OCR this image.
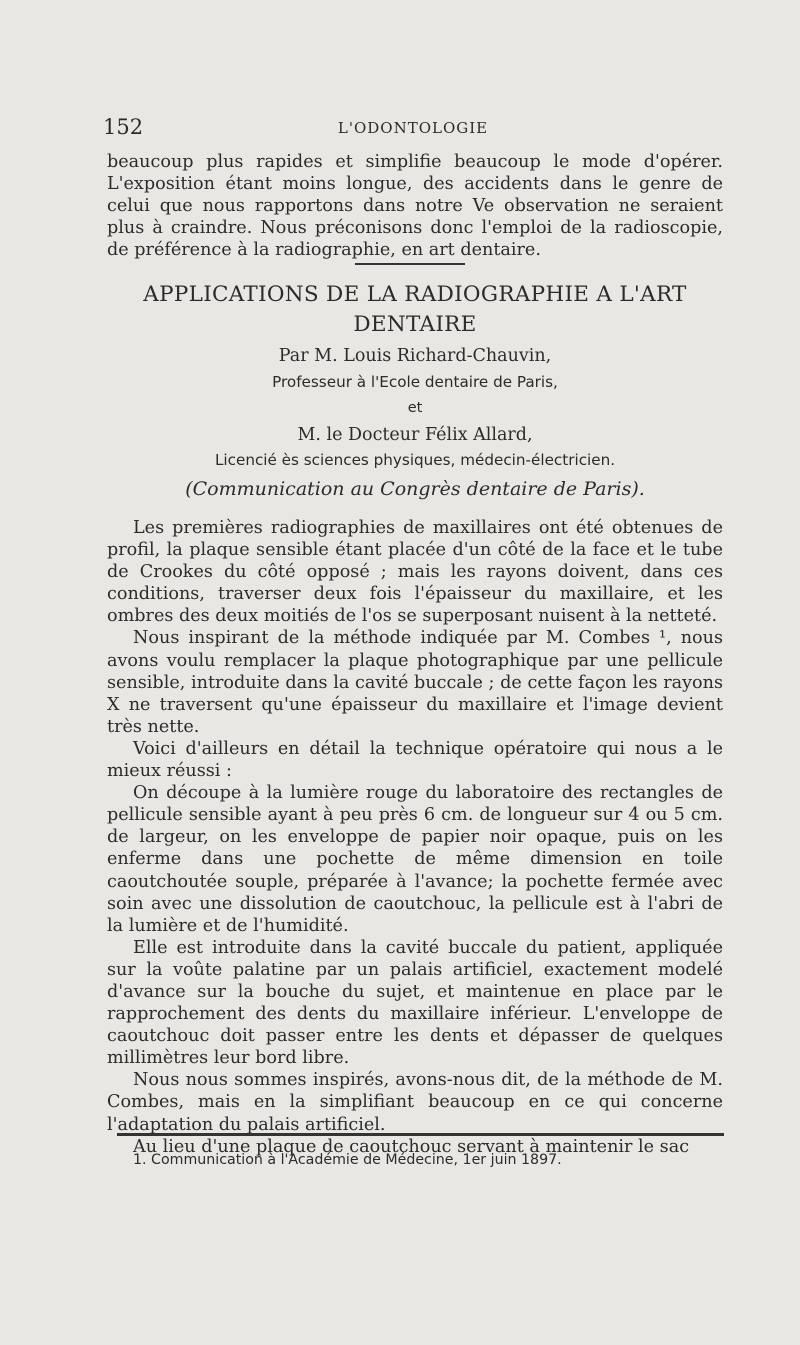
152	L'ODONTOLOGIE

beaucoup plus rapides et simplifie beaucoup le mode d'opérer. L'exposition étant moins longue, des accidents dans le genre de celui que nous rapportons dans notre Ve observation ne seraient plus à craindre. Nous préconisons donc l'emploi de la radioscopie, de préférence à la radiographie, en art dentaire.

APPLICATIONS DE LA RADIOGRAPHIE A L'ART DENTAIRE
Par M. Louis Richard-Chauvin,
Professeur à l'Ecole dentaire de Paris,
et
M. le Docteur Félix Allard,
Licencié ès sciences physiques, médecin-électricien.
(Communication au Congrès dentaire de Paris).

Les premières radiographies de maxillaires ont été obtenues de profil, la plaque sensible étant placée d'un côté de la face et le tube de Crookes du côté opposé ; mais les rayons doivent, dans ces conditions, traverser deux fois l'épaisseur du maxillaire, et les ombres des deux moitiés de l'os se superposant nuisent à la netteté.

Nous inspirant de la méthode indiquée par M. Combes ¹, nous avons voulu remplacer la plaque photographique par une pellicule sensible, introduite dans la cavité buccale ; de cette façon les rayons X ne traversent qu'une épaisseur du maxillaire et l'image devient très nette.

Voici d'ailleurs en détail la technique opératoire qui nous a le mieux réussi :

On découpe à la lumière rouge du laboratoire des rectangles de pellicule sensible ayant à peu près 6 cm. de longueur sur 4 ou 5 cm. de largeur, on les enveloppe de papier noir opaque, puis on les enferme dans une pochette de même dimension en toile caoutchoutée souple, préparée à l'avance; la pochette fermée avec soin avec une dissolution de caoutchouc, la pellicule est à l'abri de la lumière et de l'humidité.

Elle est introduite dans la cavité buccale du patient, appliquée sur la voûte palatine par un palais artificiel, exactement modelé d'avance sur la bouche du sujet, et maintenue en place par le rapprochement des dents du maxillaire inférieur. L'enveloppe de caoutchouc doit passer entre les dents et dépasser de quelques millimètres leur bord libre.

Nous nous sommes inspirés, avons-nous dit, de la méthode de M. Combes, mais en la simplifiant beaucoup en ce qui concerne l'adaptation du palais artificiel.

Au lieu d'une plaque de caoutchouc servant à maintenir le sac

1. Communication à l'Académie de Médecine, 1er juin 1897.
